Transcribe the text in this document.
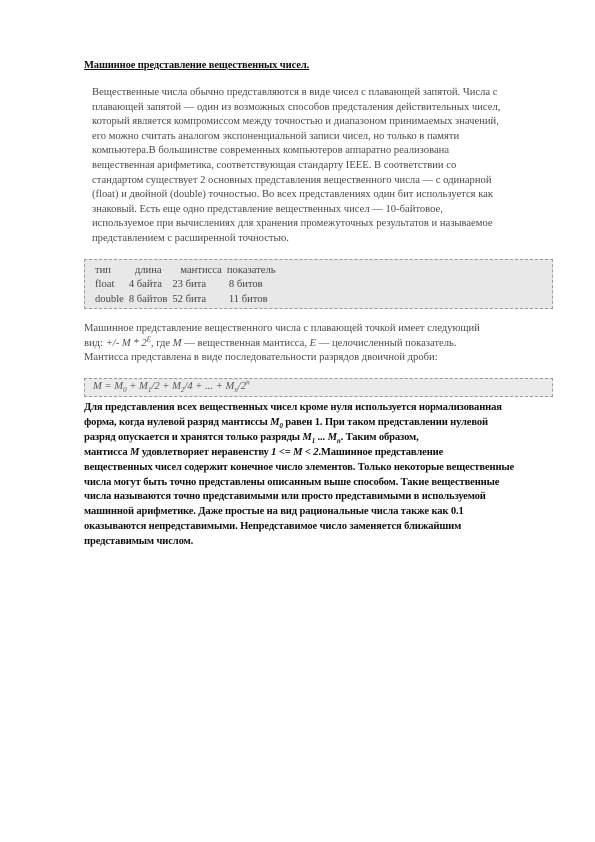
Машинное представление вещественных чисел.
Вещественные числа обычно представляются в виде чисел с плавающей запятой. Числа с
плавающей запятой — один из возможных способов предстaления действительных чисел,
который является компромиссом между точностью и диапазоном принимаемых значений,
его можно считать аналогом экспоненциальной записи чисел, но только в памяти
компьютера.В большинстве современных компьютеров аппаратно реализована
вещественная арифметика, соответствующая стандарту IEEE. В соответствии со
стандартом существует 2 основных представления вещественного числа — с одинарной
(float) и двойной (double) точностью. Во всех представлениях один бит используется как
знаковый. Есть еще одно представление вещественных чисел — 10-байтовое,
используемое при вычислениях для хранения промежуточных результатов и называемое
представлением с расширенной точностью.
тип	длина	мантисса	показатель
float	4 байта	23 бита	8 битов
double	8 байтов	52 бита	11 битов
Машинное представление вещественного числа с плавающей точкой имеет следующий
вид: +/- M * $2^E$, где M — вещественная мантисса, E — целочисленный показатель.
Мантисса представлена в виде последовательности разрядов двоичной дроби:
$M = M_0 + M_1/2 + M_2/4$ + ... + $M_n/2^n$
Для представления всех вещественных чисел кроме нуля используется нормализованная
форма, когда нулевой разряд мантиссы $M_0$ равен 1. При таком представлении нулевой
разряд опускается и хранятся только разряды $M_1$ ... $M_n$. Таким образом,
мантисса M удовлетворяет неравенству 1 <= M < 2.Машинное представление
вещественных чисел содержит конечное число элементов. Только некоторые вещественные
числа могут быть точно представлены описанным выше способом. Такие вещественные
числа называются точно представимыми или просто представимыми в используемой
машинной арифметике. Даже простые на вид рациональные числа также как 0.1
оказываются непредставимыми. Непредставимое число заменяется ближайшим
представимым числом.
